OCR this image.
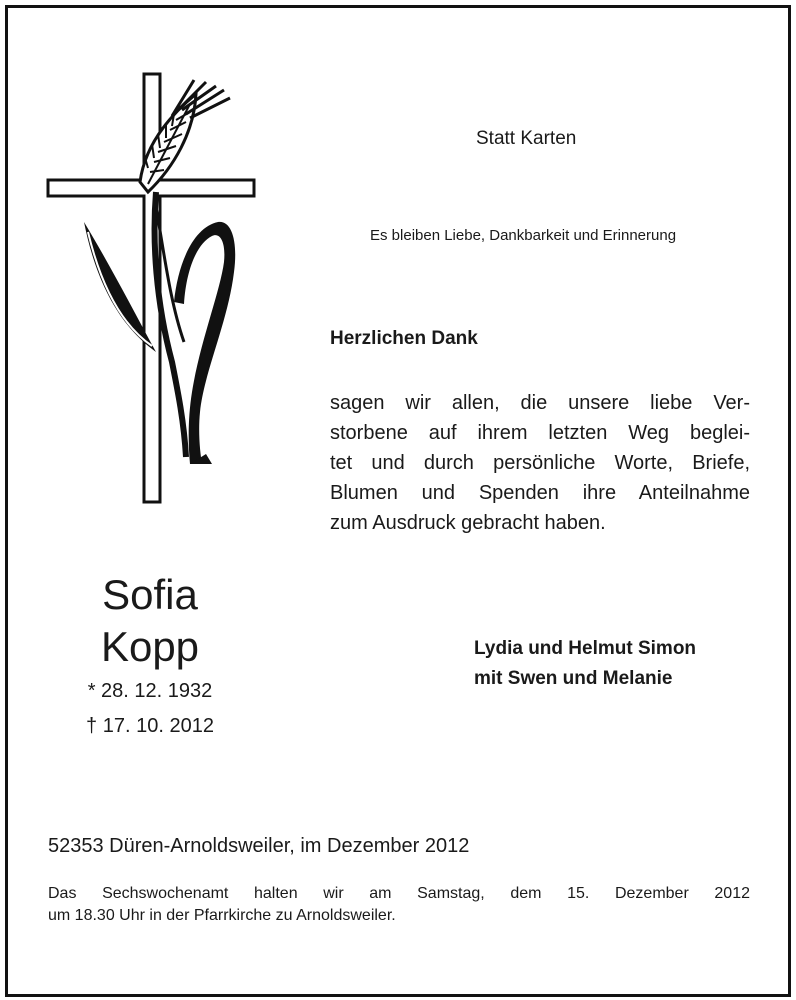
Statt Karten
Es bleiben Liebe, Dankbarkeit und Erinnerung
Herzlichen Dank
sagen wir allen, die unsere liebe Ver-
storbene auf ihrem letzten Weg beglei-
tet und durch persönliche Worte, Briefe,
Blumen und Spenden ihre Anteilnahme
zum Ausdruck gebracht haben.
Sofia
Kopp
* 28. 12. 1932
† 17. 10. 2012
Lydia und Helmut Simon
mit Swen und Melanie
52353 Düren-Arnoldsweiler, im Dezember 2012
Das Sechswochenamt halten wir am Samstag, dem 15. Dezember 2012
um 18.30 Uhr in der Pfarrkirche zu Arnoldsweiler.
